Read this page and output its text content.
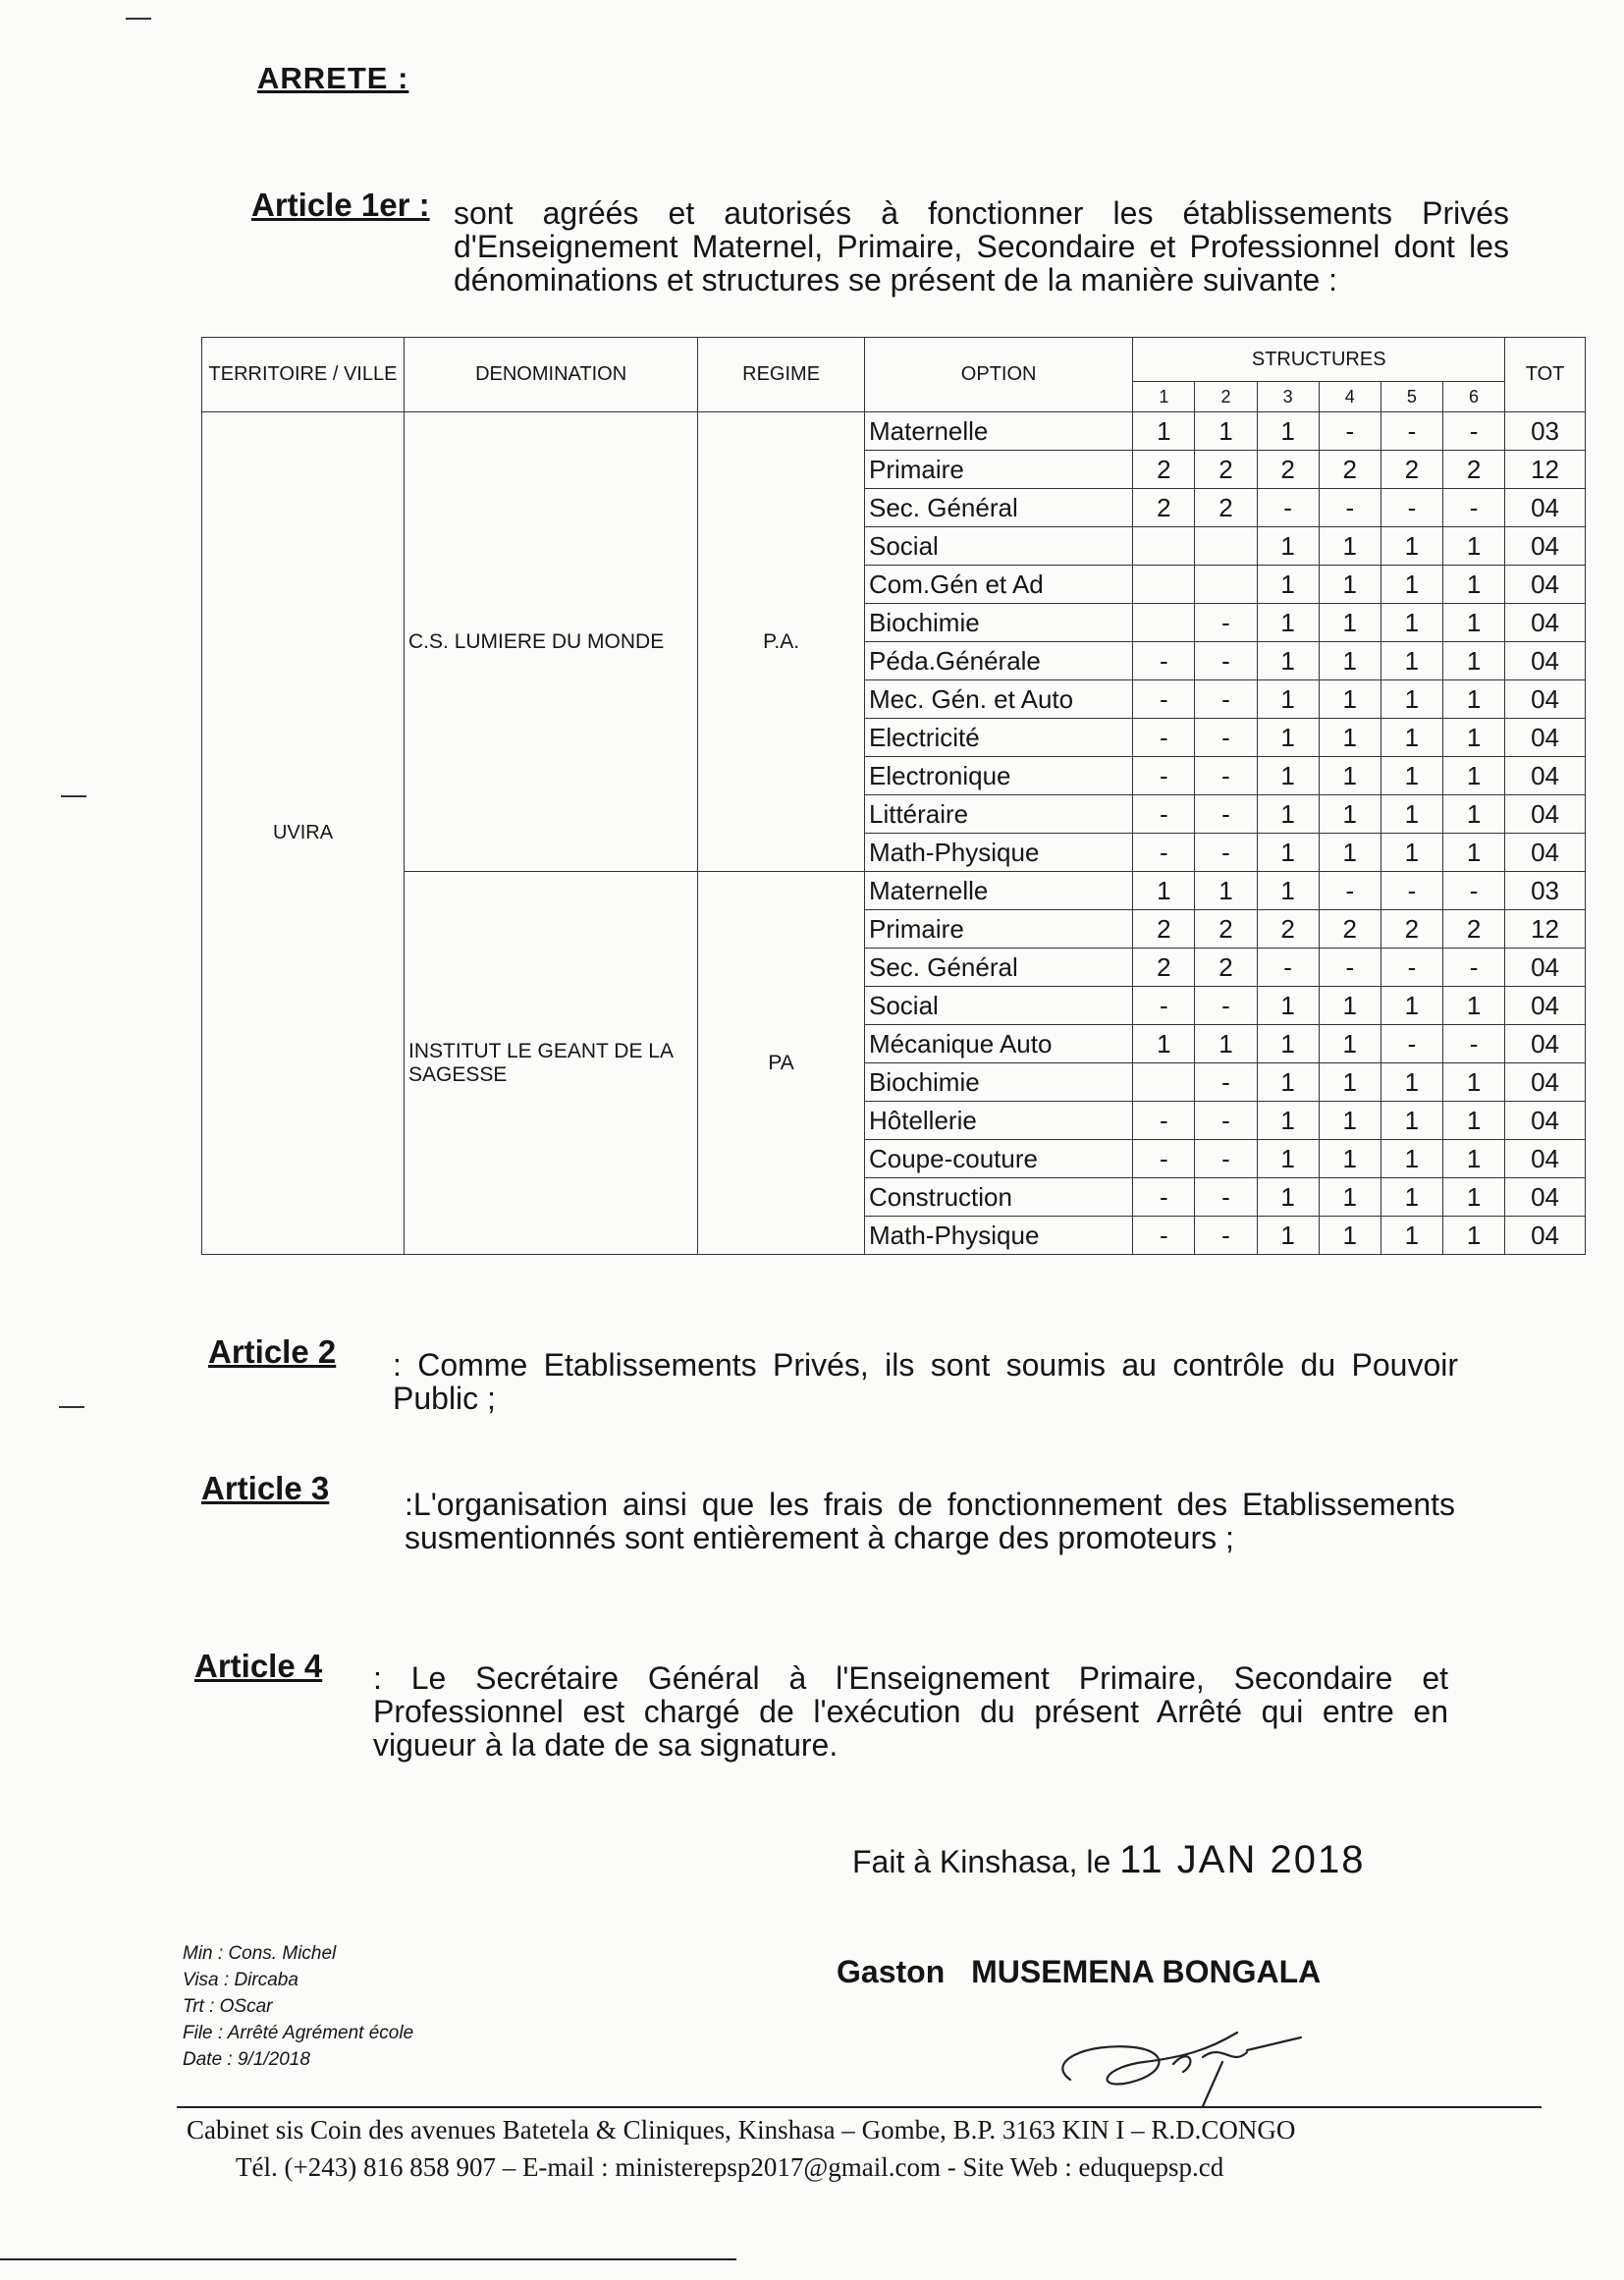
ARRETE :
Article 1er : sont agréés et autorisés à fonctionner les établissements Privés d'Enseignement Maternel, Primaire, Secondaire et Professionnel dont les dénominations et structures se présent de la manière suivante :
TERRITOIRE / VILLE	DENOMINATION	REGIME	OPTION	STRUCTURES						TOT
				1	2	3	4	5	6	
UVIRA	C.S. LUMIERE DU MONDE	P.A.	Maternelle	1	1	1	-	-	-	03
			Primaire	2	2	2	2	2	2	12
			Sec. Général	2	2	-	-	-	-	04
			Social			1	1	1	1	04
			Com.Gén et Ad			1	1	1	1	04
			Biochimie		-	1	1	1	1	04
			Péda.Générale	-	-	1	1	1	1	04
			Mec. Gén. et Auto	-	-	1	1	1	1	04
			Electricité	-	-	1	1	1	1	04
			Electronique	-	-	1	1	1	1	04
			Littéraire	-	-	1	1	1	1	04
			Math-Physique	-	-	1	1	1	1	04
	INSTITUT LE GEANT DE LA SAGESSE	PA	Maternelle	1	1	1	-	-	-	03
			Primaire	2	2	2	2	2	2	12
			Sec. Général	2	2	-	-	-	-	04
			Social	-	-	1	1	1	1	04
			Mécanique Auto	1	1	1	1	-	-	04
			Biochimie		-	1	1	1	1	04
			Hôtellerie	-	-	1	1	1	1	04
			Coupe-couture	-	-	1	1	1	1	04
			Construction	-	-	1	1	1	1	04
			Math-Physique	-	-	1	1	1	1	04
Article 2 : Comme Etablissements Privés, ils sont soumis au contrôle du Pouvoir Public ;
Article 3 :L'organisation ainsi que les frais de fonctionnement des Etablissements susmentionnés sont entièrement à charge des promoteurs ;
Article 4 : Le Secrétaire Général à l'Enseignement Primaire, Secondaire et Professionnel est chargé de l'exécution du présent Arrêté qui entre en vigueur à la date de sa signature.
Fait à Kinshasa, le 11 JAN 2018
Min : Cons. Michel
Visa : Dircaba
Trt : OScar
File : Arrêté Agrément école
Date : 9/1/2018
Gaston MUSEMENA BONGALA
Cabinet sis Coin des avenues Batetela & Cliniques, Kinshasa – Gombe, B.P. 3163 KIN I – R.D.CONGO
Tél. (+243) 816 858 907 – E-mail : ministerepsp2017@gmail.com - Site Web : eduquepsp.cd
